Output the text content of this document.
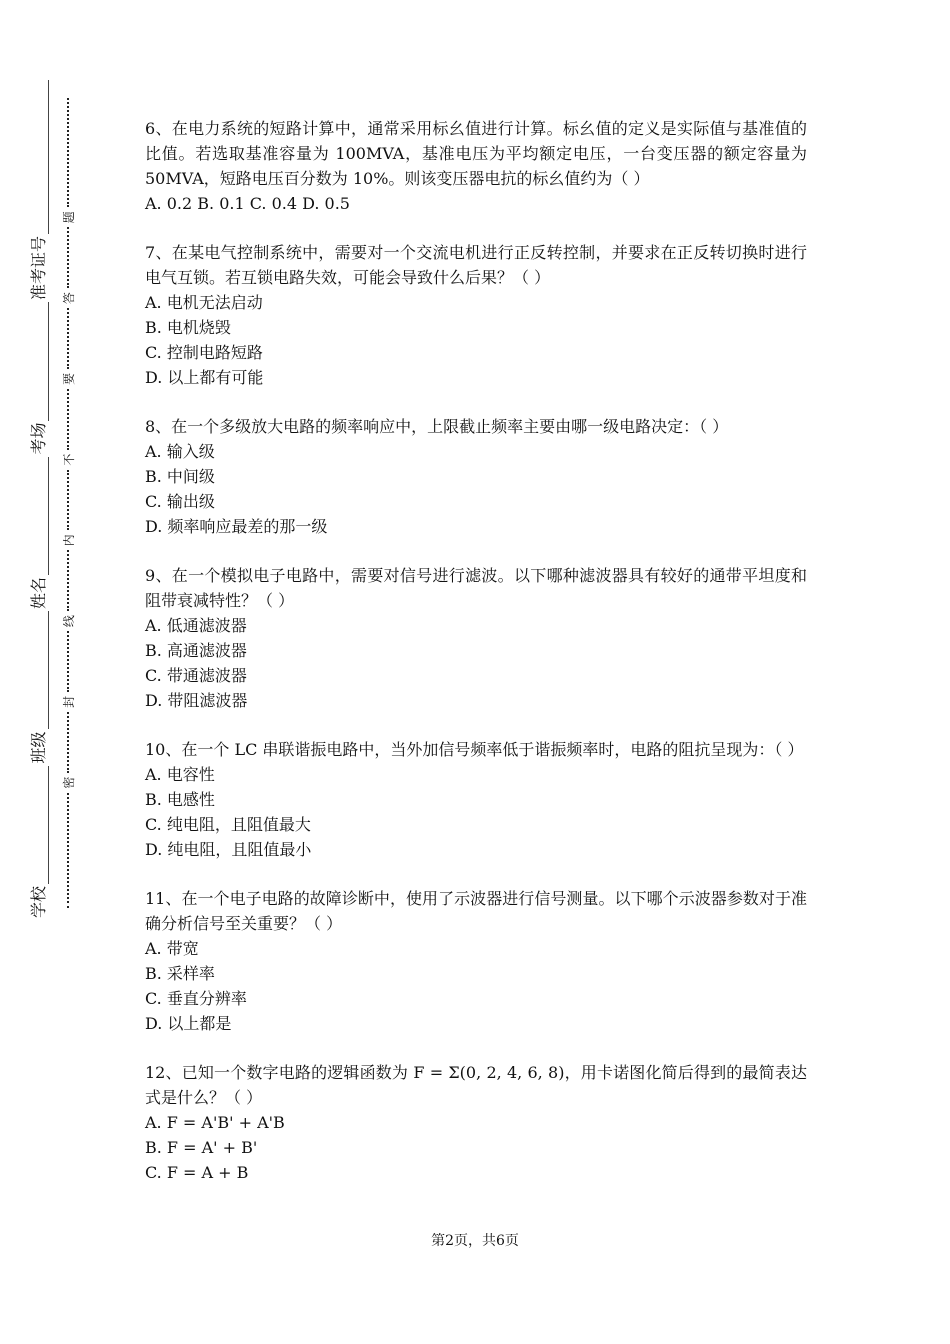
学校
班级
姓名
考场
准考证号
密
封
线
内
不
要
答
题
6、在电力系统的短路计算中，通常采用标幺值进行计算。标幺值的定义是实际值与基准值的比值。若选取基准容量为 100MVA，基准电压为平均额定电压，一台变压器的额定容量为 50MVA，短路电压百分数为 10%。则该变压器电抗的标幺值约为（ ）
A. 0.2 B. 0.1 C. 0.4 D. 0.5
7、在某电气控制系统中，需要对一个交流电机进行正反转控制，并要求在正反转切换时进行电气互锁。若互锁电路失效，可能会导致什么后果？（ ）
A. 电机无法启动
B. 电机烧毁
C. 控制电路短路
D. 以上都有可能
8、在一个多级放大电路的频率响应中，上限截止频率主要由哪一级电路决定：（ ）
A. 输入级
B. 中间级
C. 输出级
D. 频率响应最差的那一级
9、在一个模拟电子电路中，需要对信号进行滤波。以下哪种滤波器具有较好的通带平坦度和阻带衰减特性？（ ）
A. 低通滤波器
B. 高通滤波器
C. 带通滤波器
D. 带阻滤波器
10、在一个 LC 串联谐振电路中，当外加信号频率低于谐振频率时，电路的阻抗呈现为：（ ）
A. 电容性
B. 电感性
C. 纯电阻，且阻值最大
D. 纯电阻，且阻值最小
11、在一个电子电路的故障诊断中，使用了示波器进行信号测量。以下哪个示波器参数对于准确分析信号至关重要？（ ）
A. 带宽
B. 采样率
C. 垂直分辨率
D. 以上都是
12、已知一个数字电路的逻辑函数为 F = Σ(0, 2, 4, 6, 8)，用卡诺图化简后得到的最简表达式是什么？（ ）
A. F = A'B' + A'B
B. F = A' + B'
C. F = A + B
第2页，共6页
